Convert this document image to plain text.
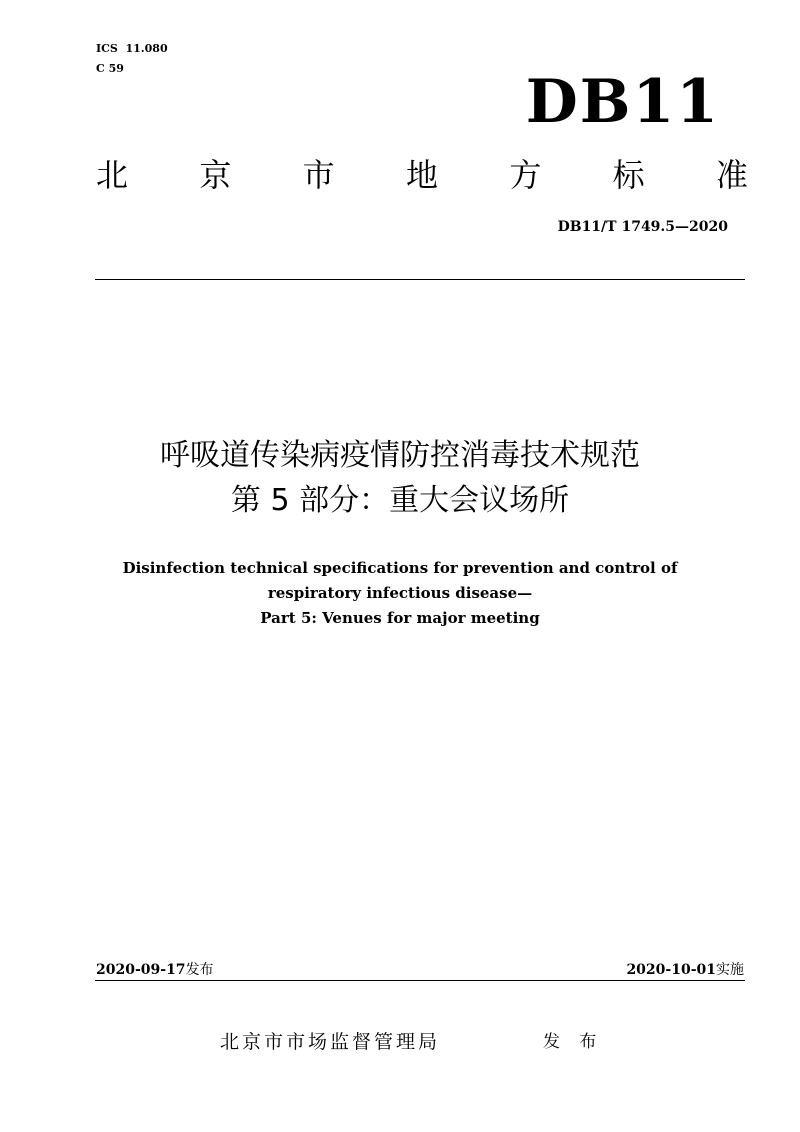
ICS  11.080
C 59	DB11
北 京 市 地 方 标 准
DB11/T 1749.5—2020
呼吸道传染病疫情防控消毒技术规范
第 5 部分：重大会议场所
Disinfection technical specifications for prevention and control of
respiratory infectious disease—
Part 5: Venues for major meeting
2020-09-17发布	2020-10-01实施
北京市市场监督管理局	发 布
